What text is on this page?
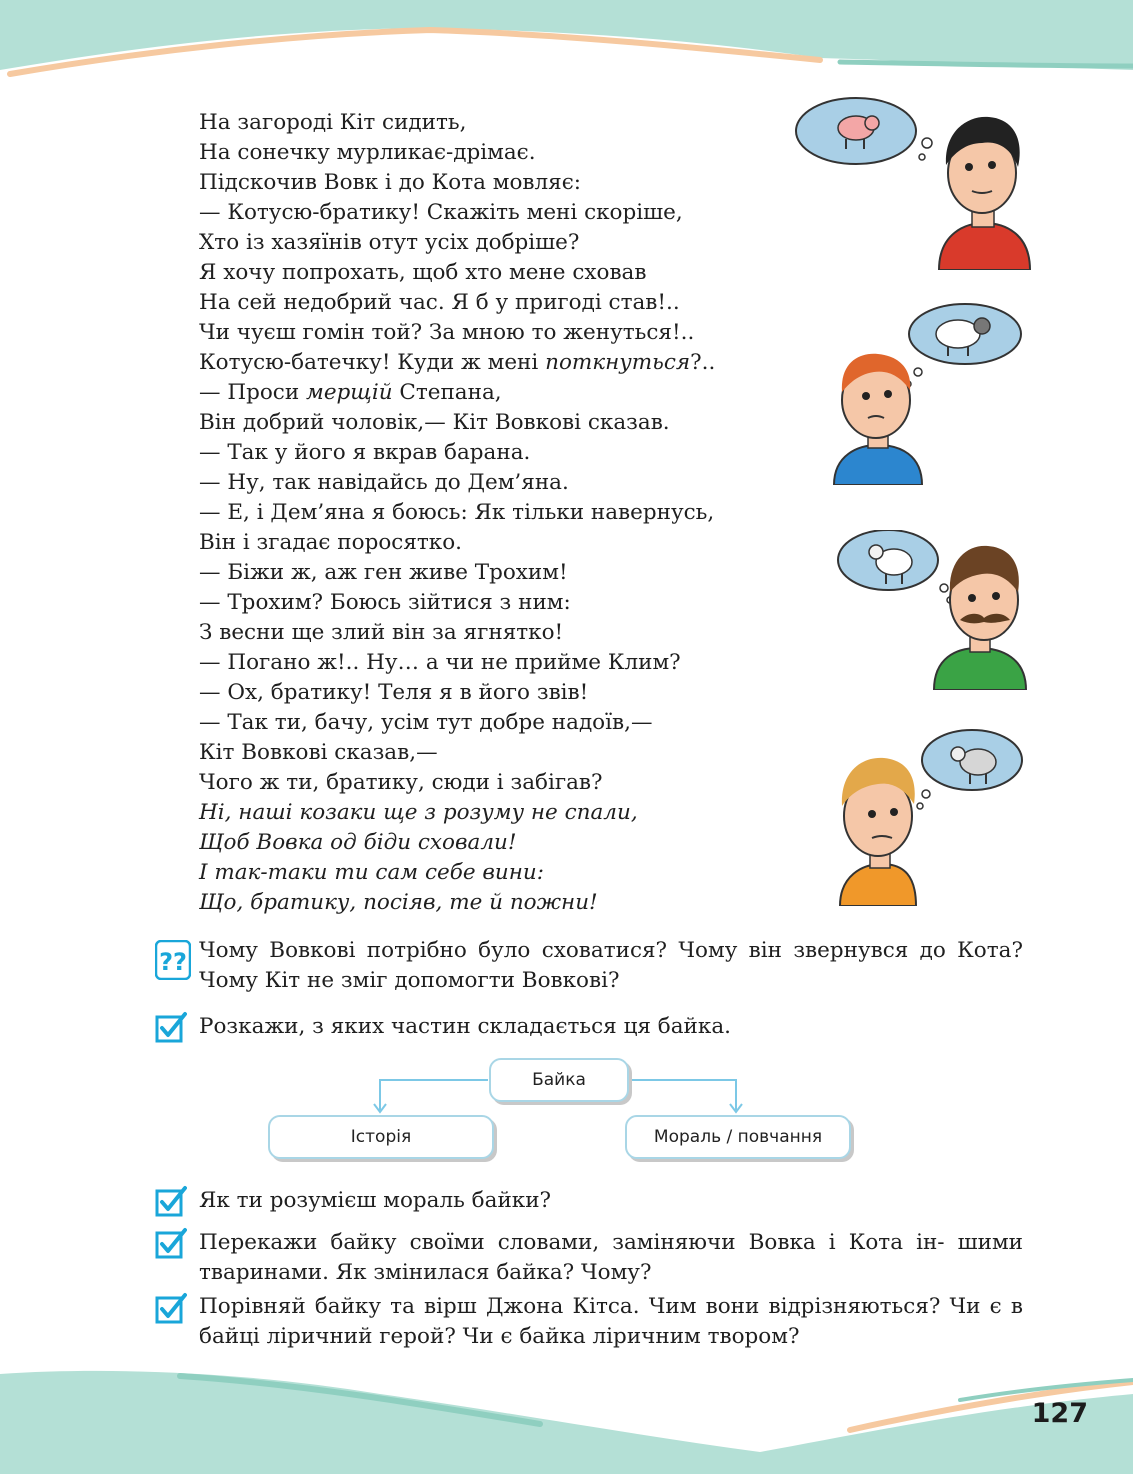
На загороді Кіт сидить,
На сонечку мурликає-дрімає.
Підскочив Вовк і до Кота мовляє:
— Котусю-братику! Скажіть мені скоріше,
Хто із хазяїнів отут усіх добріше?
Я хочу попрохать, щоб хто мене сховав
На сей недобрий час. Я б у пригоді став!..
Чи чуєш гомін той? За мною то женуться!..
Котусю-батечку! Куди ж мені поткнуться?..
— Проси мерщій Степана,
Він добрий чоловік,— Кіт Вовкові сказав.
— Так у його я вкрав барана.
— Ну, так навідайсь до Дем’яна.
— Е, і Дем’яна я боюсь: Як тільки навернусь,
Він і згадає поросятко.
— Біжи ж, аж ген живе Трохим!
— Трохим? Боюсь зійтися з ним:
З весни ще злий він за ягнятко!
— Погано ж!.. Ну… а чи не прийме Клим?
— Ох, братику! Теля я в його звів!
— Так ти, бачу, усім тут добре надоїв,—
Кіт Вовкові сказав,—
Чого ж ти, братику, сюди і забігав?
Ні, наші козаки ще з розуму не спали,
Щоб Вовка од біди сховали!
І так-таки ти сам себе вини:
Що, братику, посіяв, те й пожни!
?? Чому Вовкові потрібно було сховатися? Чому він звернувся до Кота? Чому Кіт не зміг допомогти Вовкові?
Розкажи, з яких частин складається ця байка.
Байка
Історія	Мораль / повчання
Як ти розумієш мораль байки?
Перекажи байку своїми словами, заміняючи Вовка і Кота ін- шими тваринами. Як змінилася байка? Чому?
Порівняй байку та вірш Джона Кітса. Чим вони відрізняються? Чи є в байці ліричний герой? Чи є байка ліричним твором?
127
